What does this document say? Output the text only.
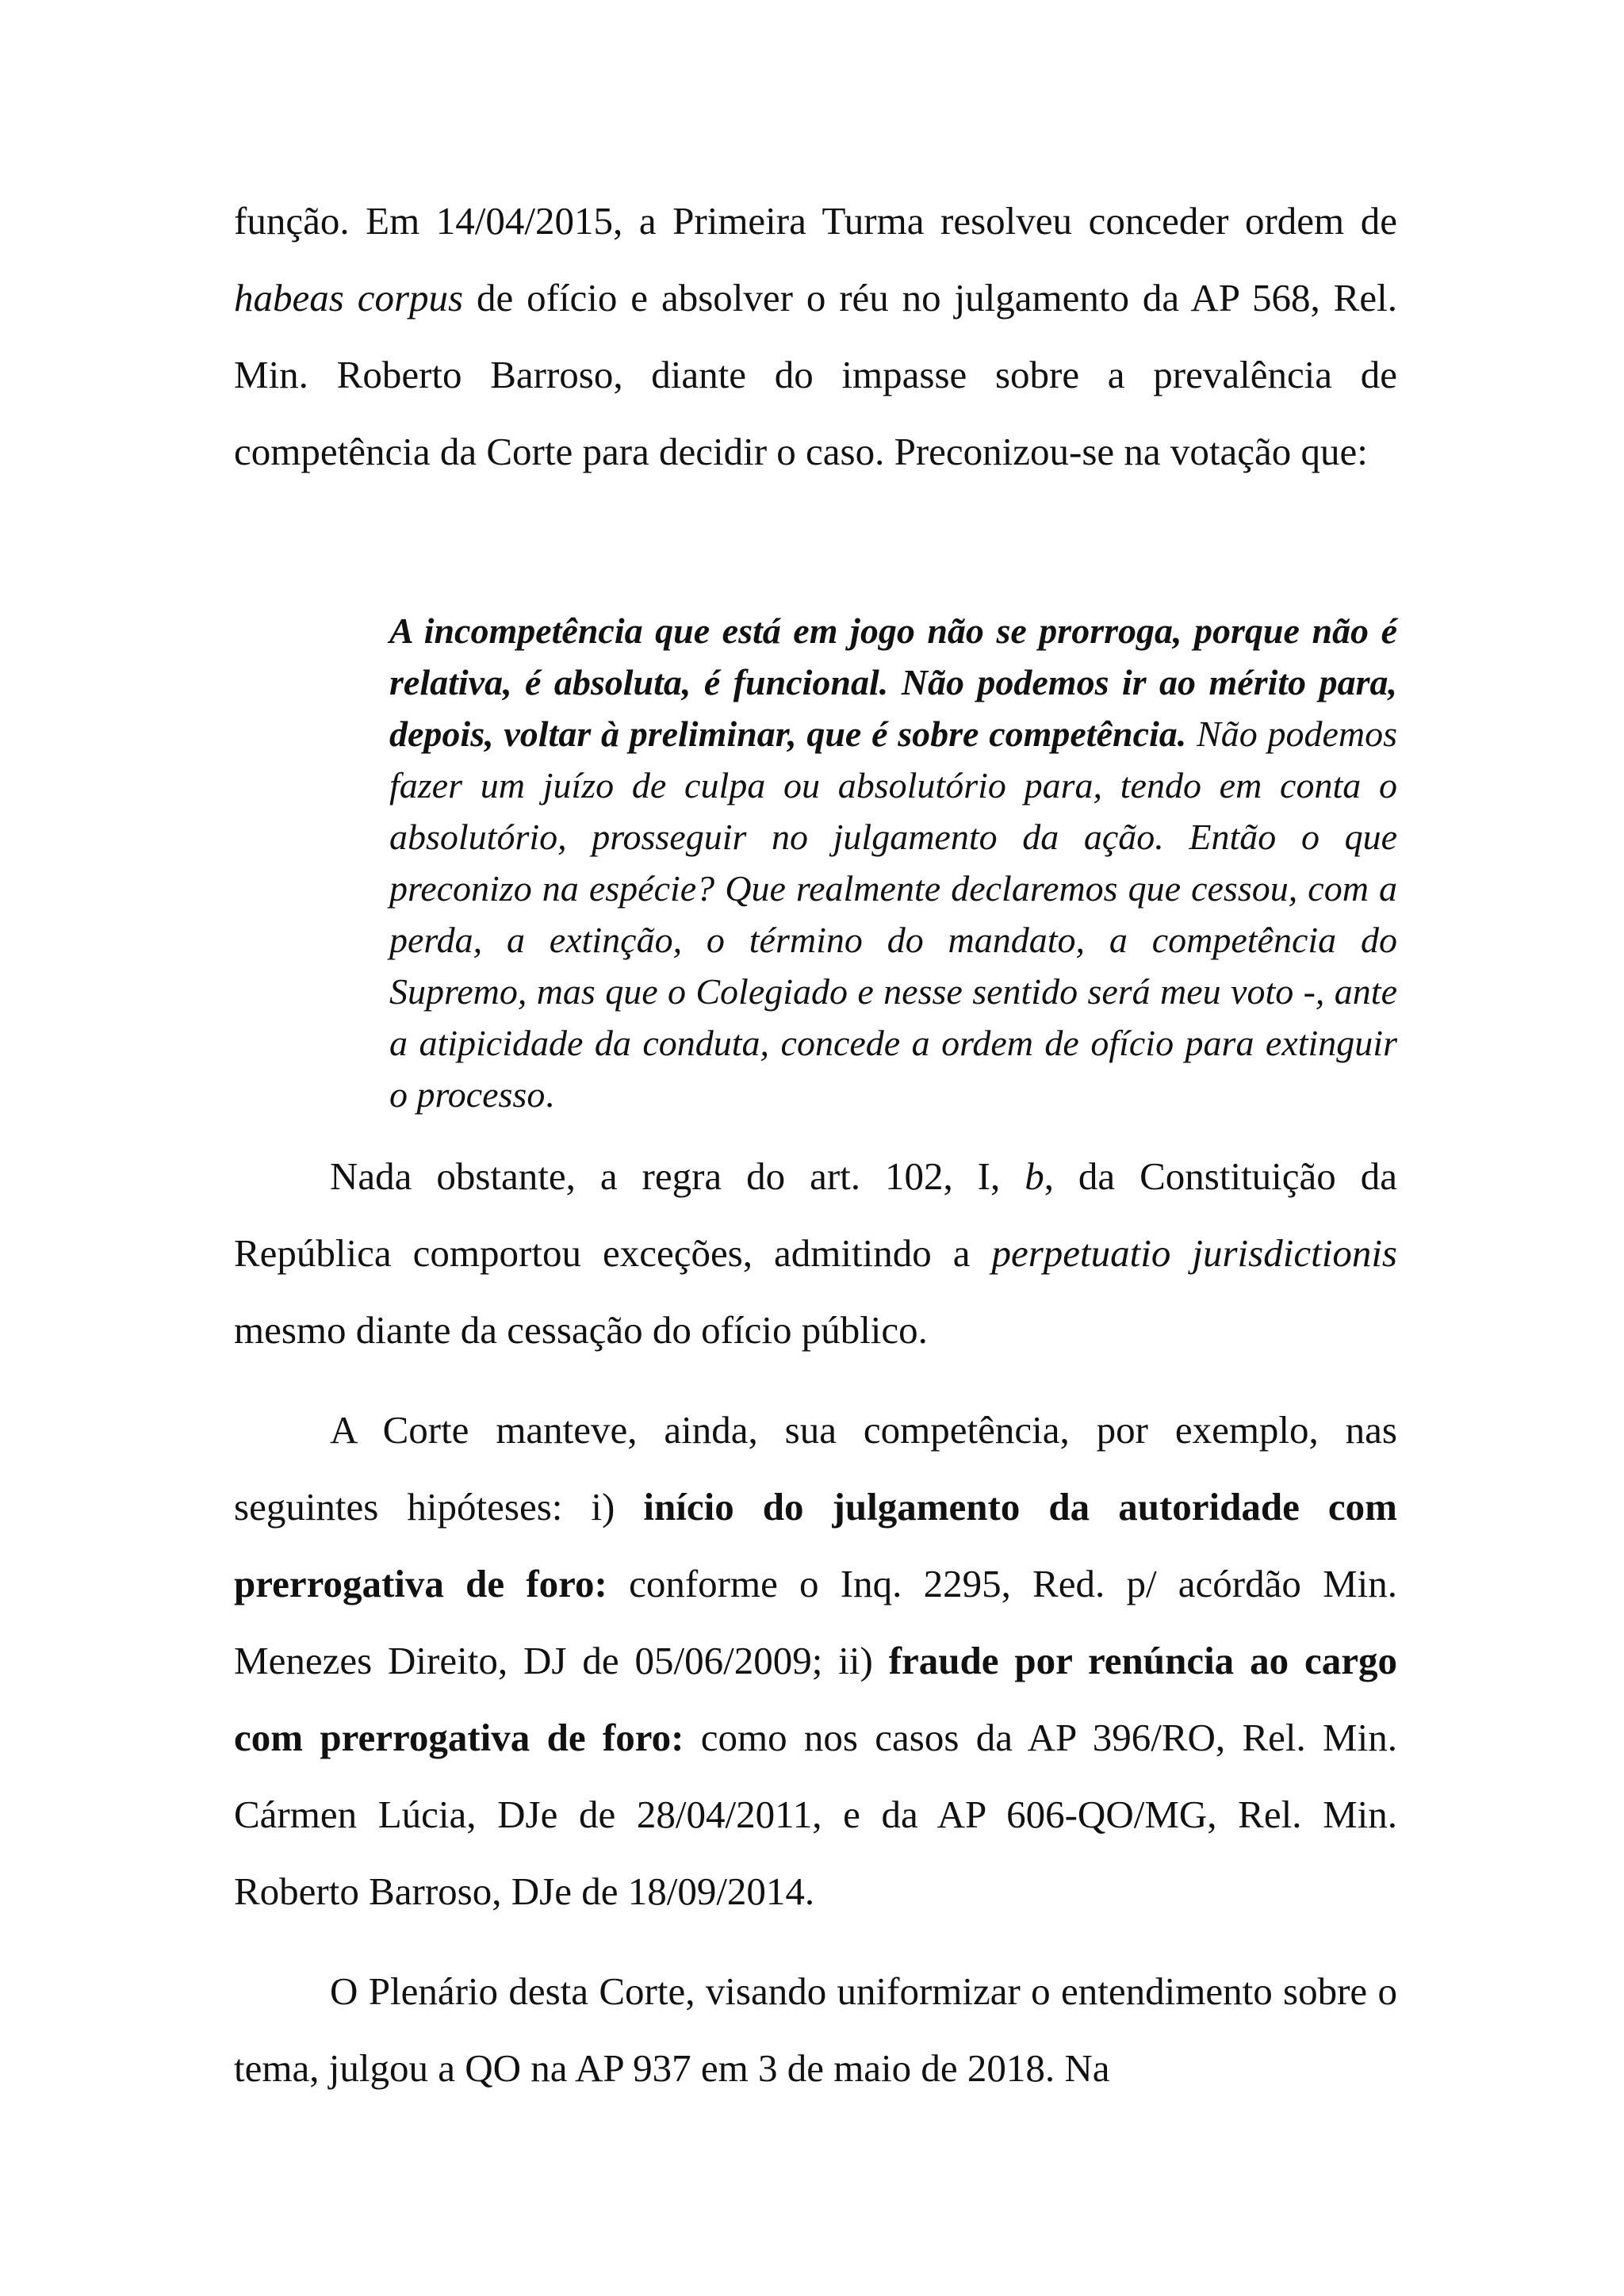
função. Em 14/04/2015, a Primeira Turma resolveu conceder ordem de habeas corpus de ofício e absolver o réu no julgamento da AP 568, Rel. Min. Roberto Barroso, diante do impasse sobre a prevalência de competência da Corte para decidir o caso. Preconizou-se na votação que:

A incompetência que está em jogo não se prorroga, porque não é relativa, é absoluta, é funcional. Não podemos ir ao mérito para, depois, voltar à preliminar, que é sobre competência. Não podemos fazer um juízo de culpa ou absolutório para, tendo em conta o absolutório, prosseguir no julgamento da ação. Então o que preconizo na espécie? Que realmente declaremos que cessou, com a perda, a extinção, o término do mandato, a competência do Supremo, mas que o Colegiado e nesse sentido será meu voto -, ante a atipicidade da conduta, concede a ordem de ofício para extinguir o processo.

Nada obstante, a regra do art. 102, I, b, da Constituição da República comportou exceções, admitindo a perpetuatio jurisdictionis mesmo diante da cessação do ofício público.

A Corte manteve, ainda, sua competência, por exemplo, nas seguintes hipóteses: i) início do julgamento da autoridade com prerrogativa de foro: conforme o Inq. 2295, Red. p/ acórdão Min. Menezes Direito, DJ de 05/06/2009; ii) fraude por renúncia ao cargo com prerrogativa de foro: como nos casos da AP 396/RO, Rel. Min. Cármen Lúcia, DJe de 28/04/2011, e da AP 606-QO/MG, Rel. Min. Roberto Barroso, DJe de 18/09/2014.

O Plenário desta Corte, visando uniformizar o entendimento sobre o tema, julgou a QO na AP 937 em 3 de maio de 2018. Na
